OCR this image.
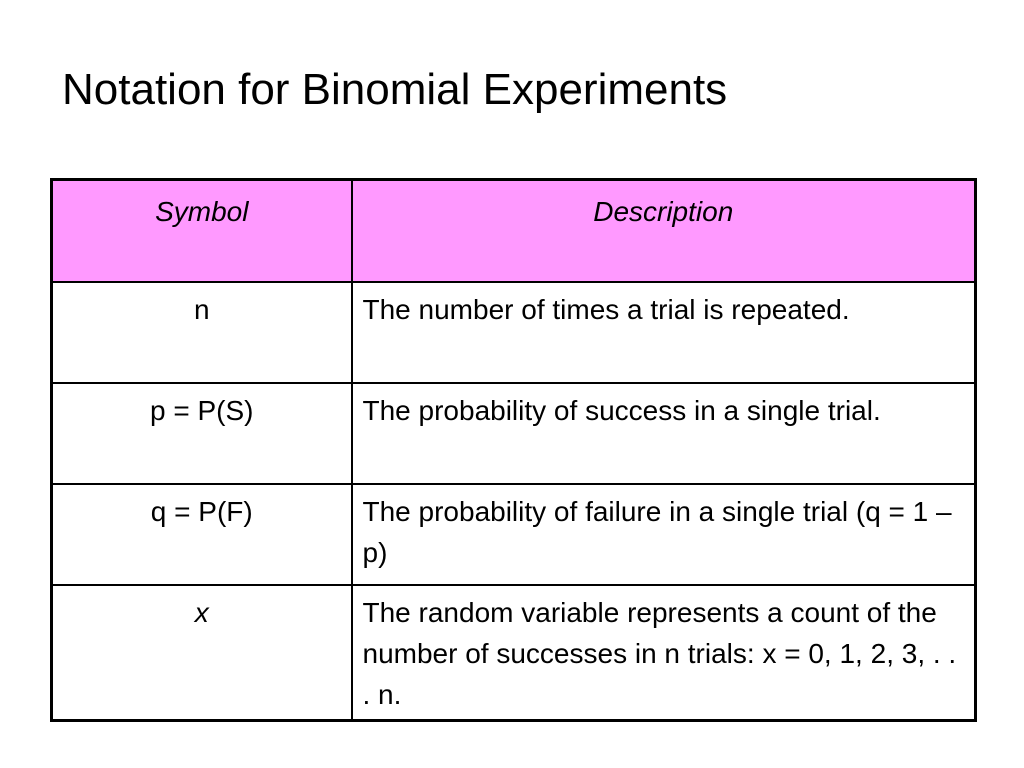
Notation for Binomial Experiments
Symbol	Description
n	The number of times a trial is repeated.
p = P(S)	The probability of success in a single trial.
q = P(F)	The probability of failure in a single trial (q = 1 – p)
x	The random variable represents a count of the number of successes in n trials: x = 0, 1, 2, 3, . . . n.
